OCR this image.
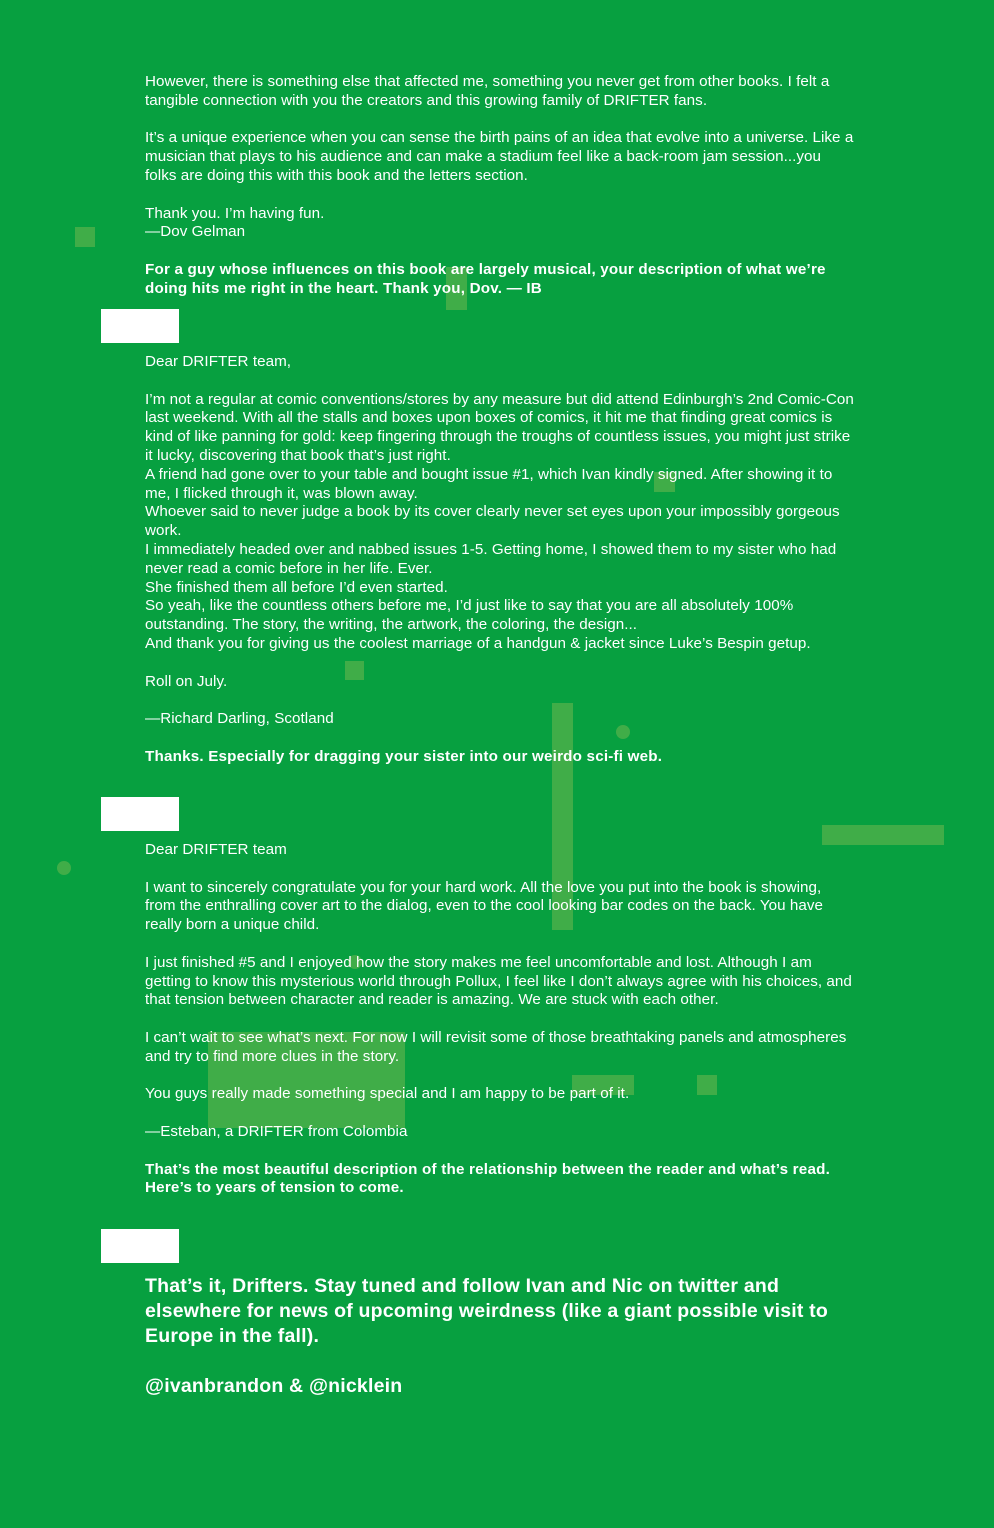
However, there is something else that affected me, something you never get from other books. I felt a tangible connection with you the creators and this growing family of DRIFTER fans.

It’s a unique experience when you can sense the birth pains of an idea that evolve into a universe. Like a musician that plays to his audience and can make a stadium feel like a back-room jam session...you folks are doing this with this book and the letters section.

Thank you. I’m having fun.

—Dov Gelman

For a guy whose influences on this book are largely musical, your description of what we’re doing hits me right in the heart. Thank you, Dov. — IB

Dear DRIFTER team,

I’m not a regular at comic conventions/stores by any measure but did attend Edinburgh’s 2nd Comic-Con last weekend. With all the stalls and boxes upon boxes of comics, it hit me that finding great comics is kind of like panning for gold: keep fingering through the troughs of countless issues, you might just strike it lucky, discovering that book that’s just right.

A friend had gone over to your table and bought issue #1, which Ivan kindly signed. After showing it to me, I flicked through it, was blown away.

Whoever said to never judge a book by its cover clearly never set eyes upon your impossibly gorgeous work.

I immediately headed over and nabbed issues 1-5. Getting home, I showed them to my sister who had never read a comic before in her life. Ever.

She finished them all before I’d even started.

So yeah, like the countless others before me, I’d just like to say that you are all absolutely 100% outstanding. The story, the writing, the artwork, the coloring, the design...

And thank you for giving us the coolest marriage of a handgun & jacket since Luke’s Bespin getup.

Roll on July.

—Richard Darling, Scotland

Thanks. Especially for dragging your sister into our weirdo sci-fi web.

Dear DRIFTER team

I want to sincerely congratulate you for your hard work. All the love you put into the book is showing, from the enthralling cover art to the dialog, even to the cool looking bar codes on the back. You have really born a unique child.

I just finished #5 and I enjoyed how the story makes me feel uncomfortable and lost. Although I am getting to know this mysterious world through Pollux, I feel like I don’t always agree with his choices, and that tension between character and reader is amazing. We are stuck with each other.

I can’t wait to see what’s next. For now I will revisit some of those breathtaking panels and atmospheres and try to find more clues in the story.

You guys really made something special and I am happy to be part of it.

—Esteban, a DRIFTER from Colombia

That’s the most beautiful description of the relationship between the reader and what’s read. Here’s to years of tension to come.

That’s it, Drifters. Stay tuned and follow Ivan and Nic on twitter and elsewhere for news of upcoming weirdness (like a giant possible visit to Europe in the fall).

@ivanbrandon & @nicklein
